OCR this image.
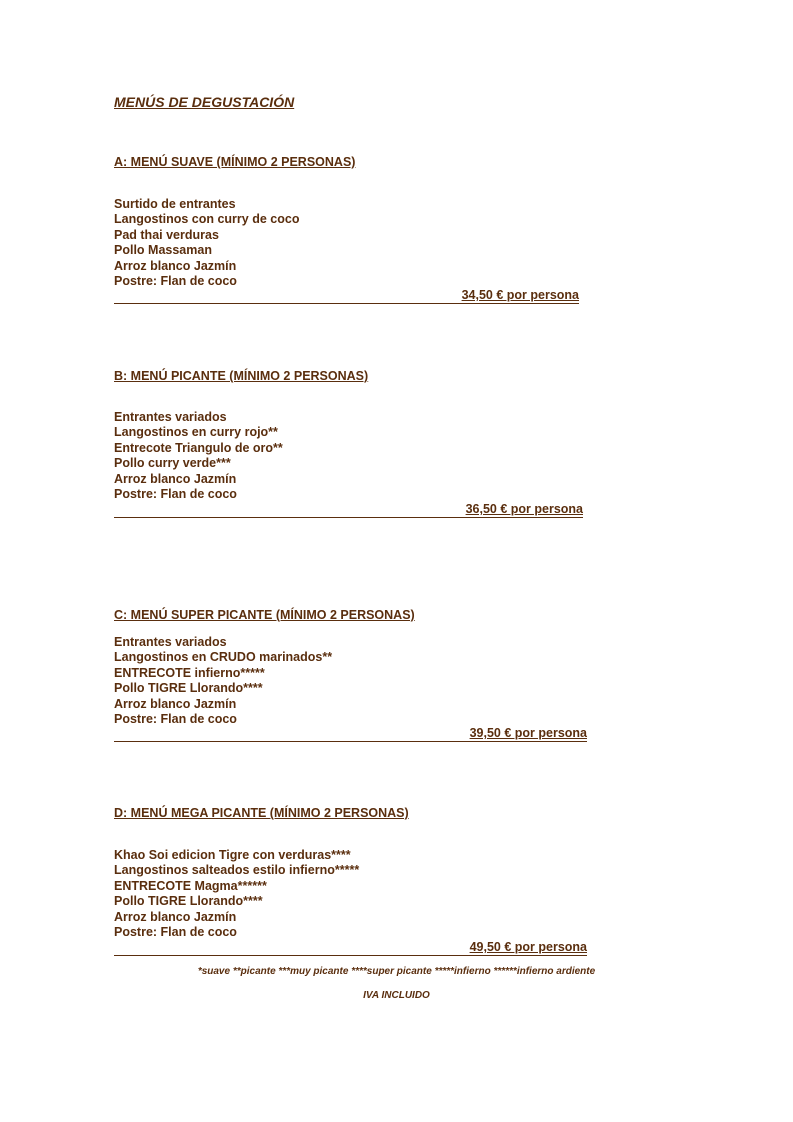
MENÚS DE DEGUSTACIÓN
A: MENÚ SUAVE (MÍNIMO 2 PERSONAS)
Surtido de entrantes
Langostinos con curry de coco
Pad thai verduras
Pollo Massaman
Arroz blanco Jazmín
Postre: Flan de coco
34,50 € por persona
B: MENÚ PICANTE (MÍNIMO 2 PERSONAS)
Entrantes variados
Langostinos en curry rojo**
Entrecote Triangulo de oro**
Pollo curry verde***
Arroz blanco Jazmín
Postre: Flan de coco
36,50 € por persona
C: MENÚ SUPER PICANTE (MÍNIMO 2 PERSONAS)
Entrantes variados
Langostinos en CRUDO marinados**
ENTRECOTE infierno*****
Pollo TIGRE Llorando****
Arroz blanco Jazmín
Postre: Flan de coco
39,50 € por persona
D: MENÚ MEGA PICANTE (MÍNIMO 2 PERSONAS)
Khao Soi edicion Tigre con verduras****
Langostinos salteados estilo infierno*****
ENTRECOTE Magma******
Pollo TIGRE Llorando****
Arroz blanco Jazmín
Postre: Flan de coco
49,50 € por persona
*suave **picante ***muy picante ****super picante *****infierno ******infierno ardiente
IVA INCLUIDO
